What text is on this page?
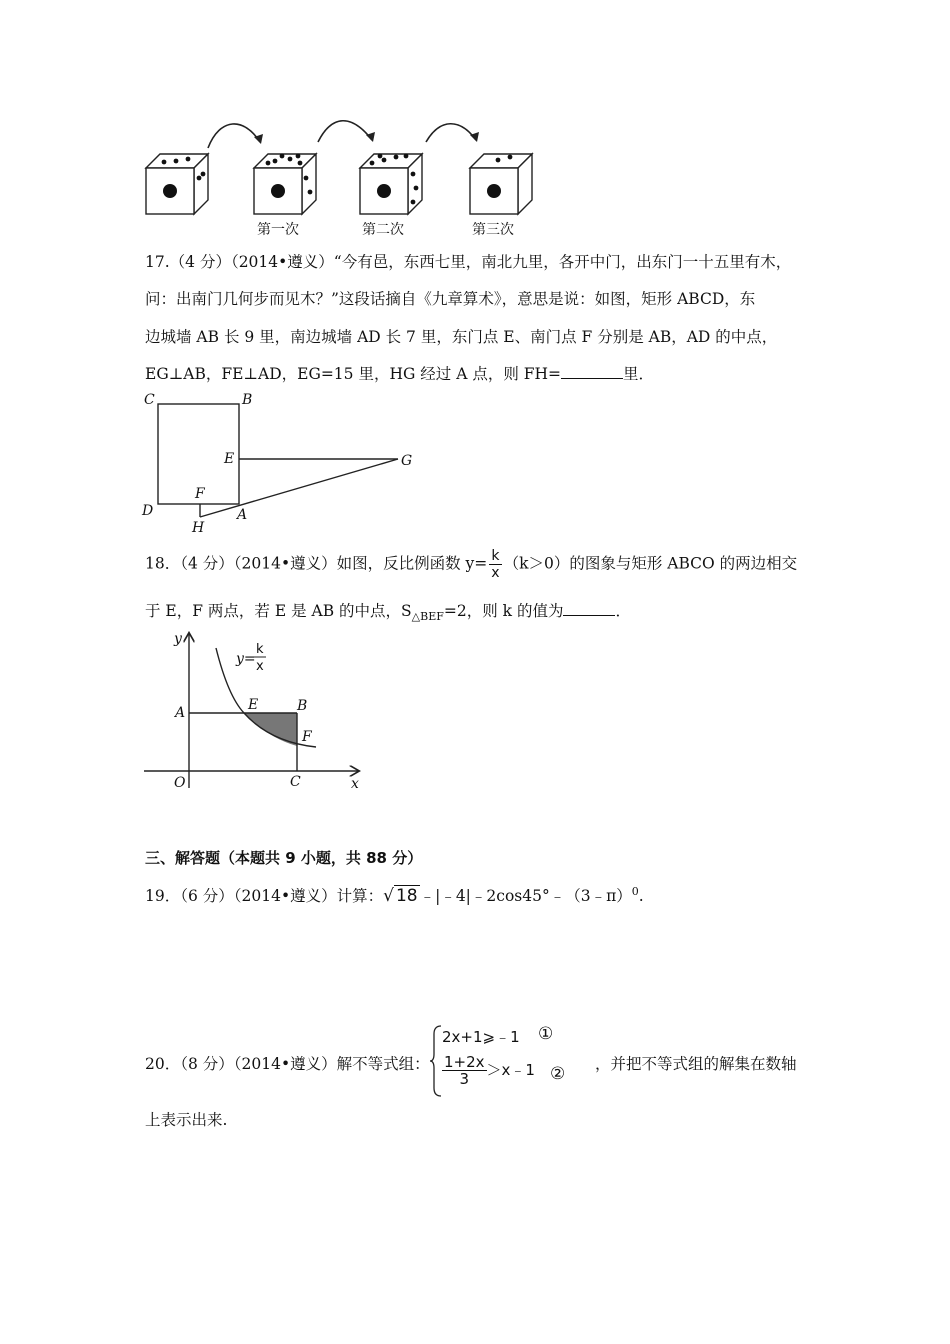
第一次	第二次	第三次
17.（4 分）（2014•遵义）“今有邑，东西七里，南北九里，各开中门，出东门一十五里有木，
问：出南门几何步而见木？”这段话摘自《九章算术》，意思是说：如图，矩形 ABCD，东
边城墙 AB 长 9 里，南边城墙 AD 长 7 里，东门点 E、南门点 F 分别是 AB，AD 的中点，
EG⊥AB，FE⊥AD，EG=15 里，HG 经过 A 点，则 FH=	里．
C	B
E	G
F
D
H
A
18．（4 分）（2014•遵义）如图，反比例函数 $y= \frac{k}{x} (k>0)$的图象与矩形 ABCO 的两边相交
于 E，F 两点，若 E 是 AB 的中点，$S_{\triangle BEF}=2$，则 k 的值为	．
y
x
y=
k
x
A	E	B
F
O	C
三、解答题（本题共 9 小题，共 88 分）
19．（6 分）（2014•遵义）计算：√ 18 ﹣|﹣4|﹣2cos45°﹣（3﹣π）$^0$.
20．（8 分）（2014•遵义）解不等式组：
2x+1⩾﹣1 ①
$\frac{1+2x}{3}$ ＞x﹣1 ② ，并把不等式组的解集在数轴
上表示出来.
